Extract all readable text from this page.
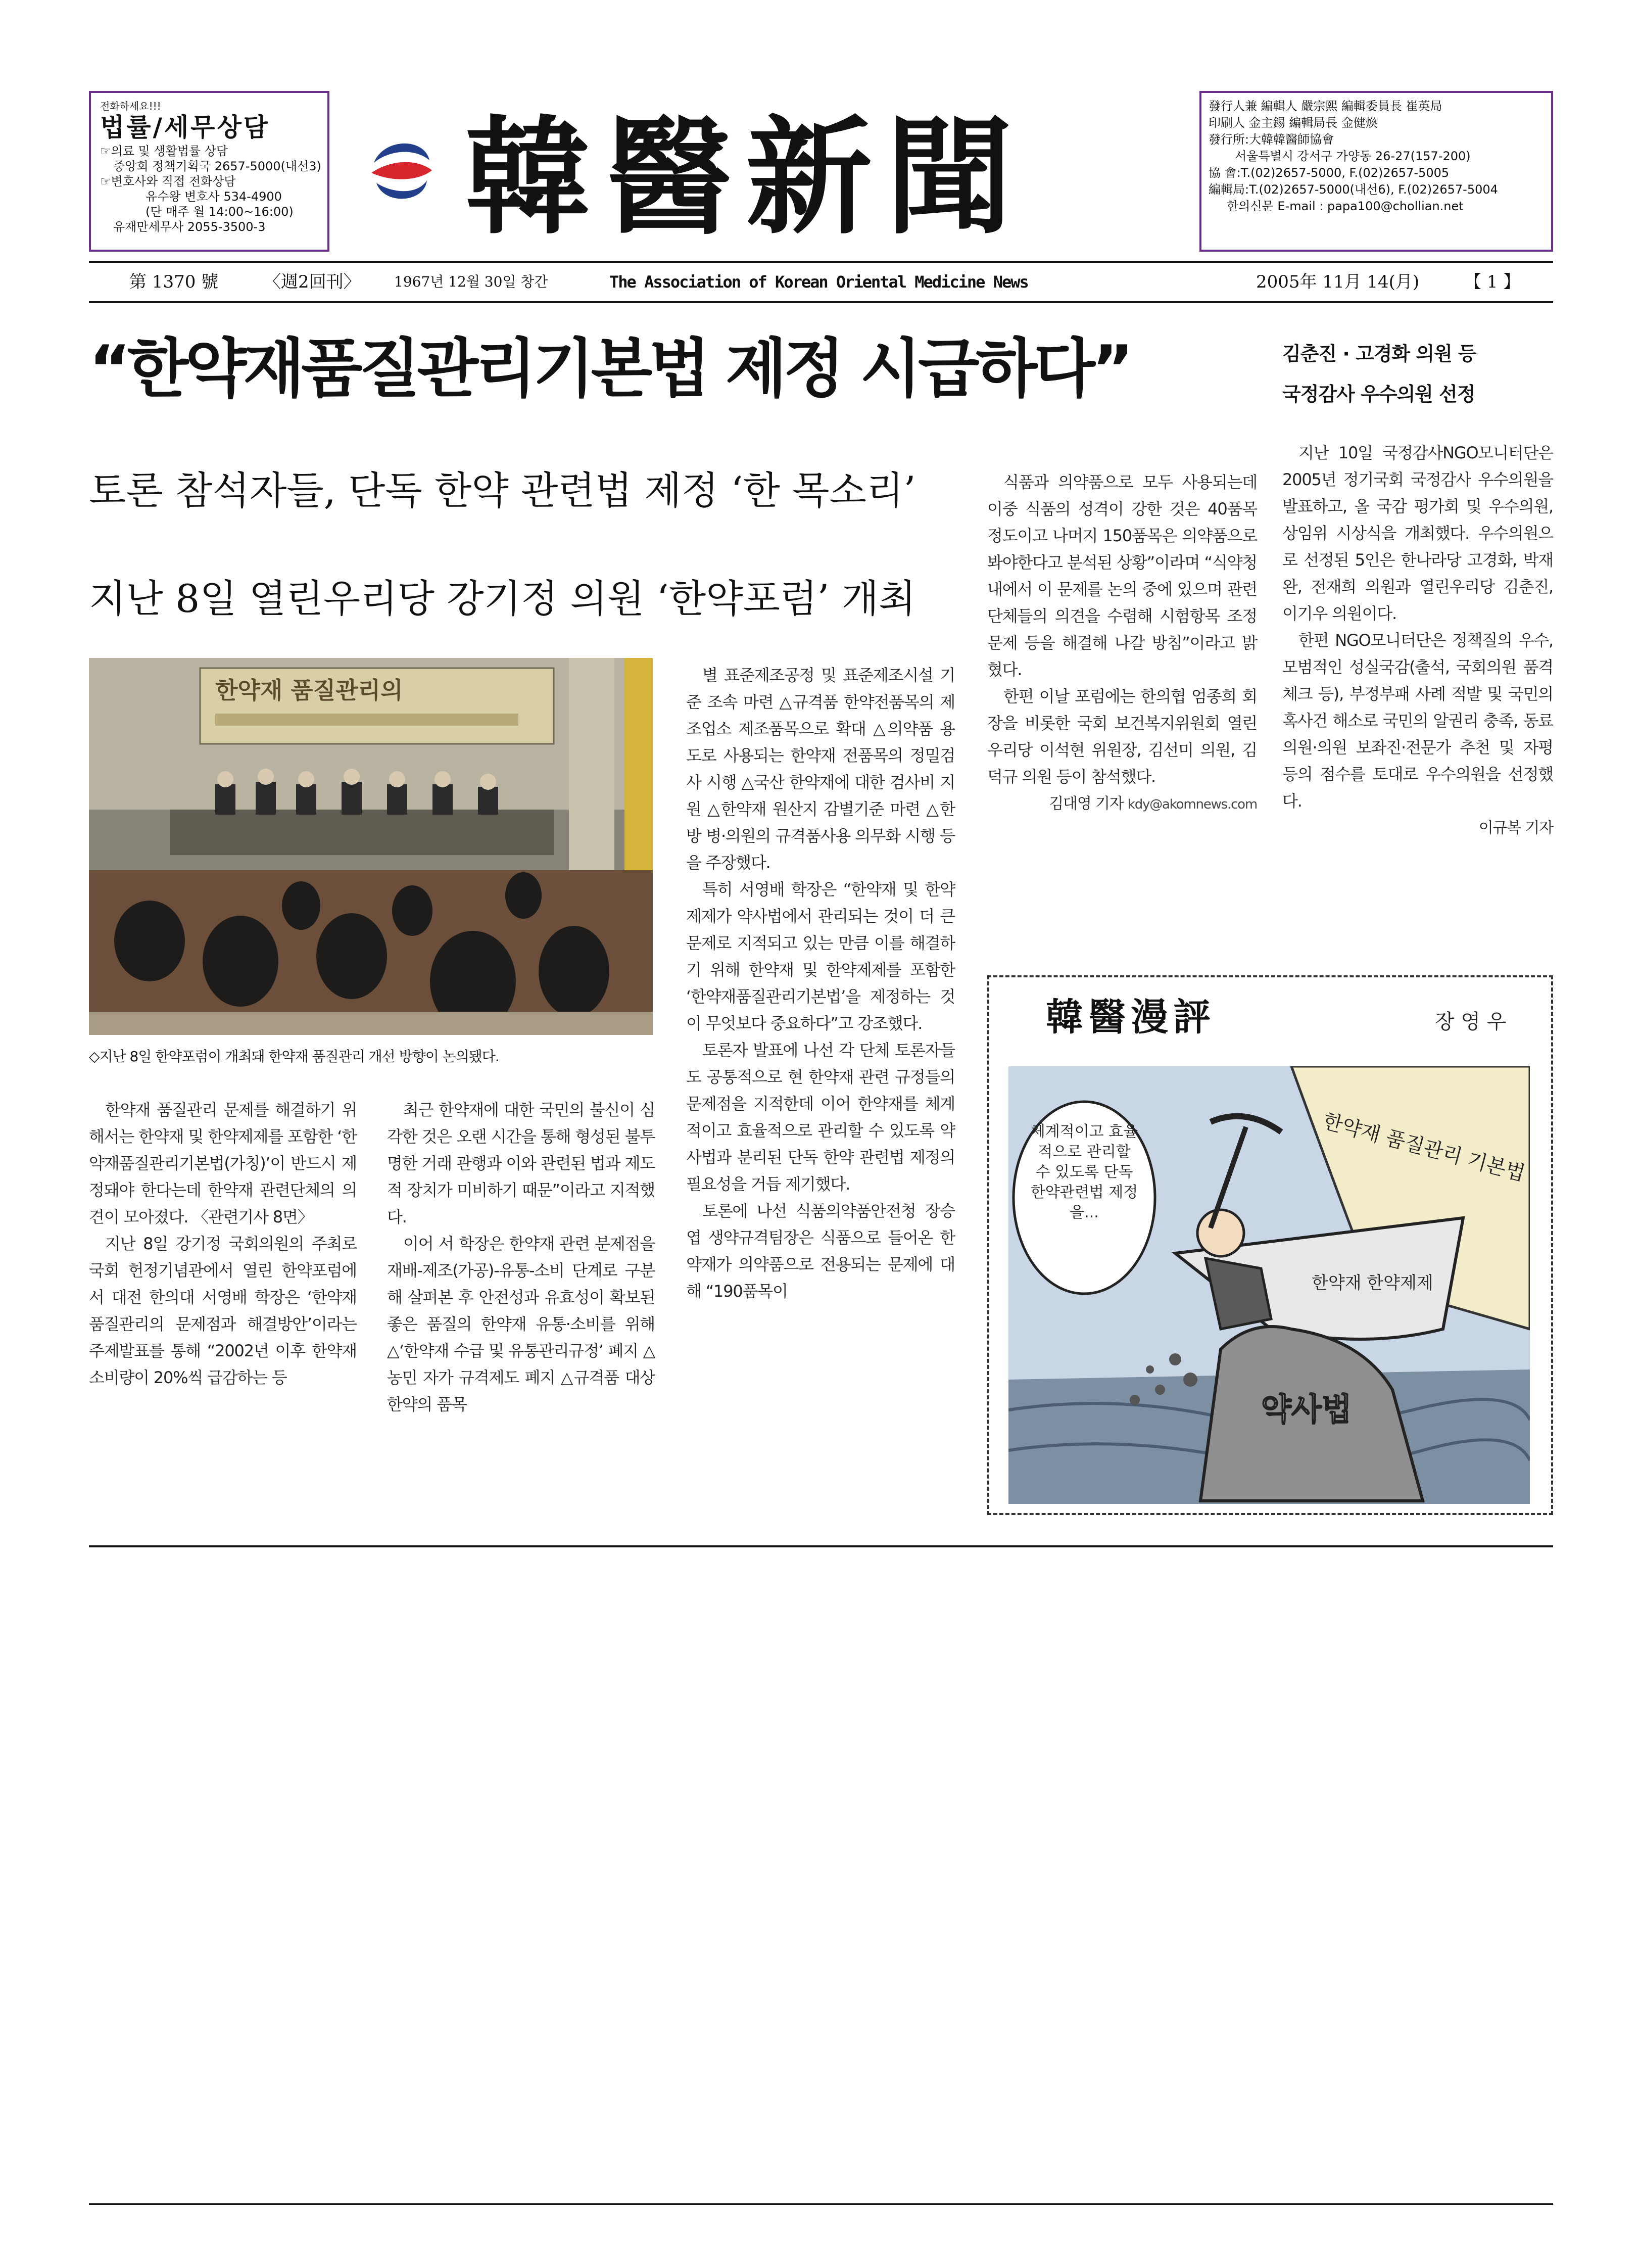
전화하세요!!!
법률/세무상담
☞의료 및 생활법률 상담
중앙회 정책기획국 2657-5000(내선3)
☞변호사와 직접 전화상담
유수왕 변호사 534-4900
(단 매주 월 14:00~16:00)
유재만세무사 2055-3500-3	韓醫新聞	發行人兼 編輯人 嚴宗熙 編輯委員長 崔英局
印刷人 金主錫 編輯局長 金健煥
發行所:大韓韓醫師協會
서울특별시 강서구 가양동 26-27(157-200)
協 會:T.(02)2657-5000, F.(02)2657-5005
編輯局:T.(02)2657-5000(내선6), F.(02)2657-5004
한의신문 E-mail : papa100@chollian.net
第 1370 號	〈週2回刊〉 1967년 12월 30일 창간	The Association of Korean Oriental Medicine News	2005年 11月 14(月)	【 1 】
“한약재품질관리기본법 제정 시급하다”
토론 참석자들, 단독 한약 관련법 제정 ‘한 목소리’
지난 8일 열린우리당 강기정 의원 ‘한약포럼’ 개최
한약재 품질관리의
◇지난 8일 한약포럼이 개최돼 한약재 품질관리 개선 방향이 논의됐다.

한약재 품질관리 문제를 해결하기 위해서는 한약재 및 한약제제를 포함한 ‘한약재품질관리기본법(가칭)’이 반드시 제정돼야 한다는데 한약재 관련단체의 의견이 모아졌다. 〈관련기사 8면〉

지난 8일 강기정 국회의원의 주최로 국회 헌정기념관에서 열린 한약포럼에서 대전 한의대 서영배 학장은 ‘한약재 품질관리의 문제점과 해결방안’이라는 주제발표를 통해 “2002년 이후 한약재 소비량이 20%씩 급감하는 등

최근 한약재에 대한 국민의 불신이 심각한 것은 오랜 시간을 통해 형성된 불투명한 거래 관행과 이와 관련된 법과 제도적 장치가 미비하기 때문”이라고 지적했다.

이어 서 학장은 한약재 관련 분제점을 재배-제조(가공)-유통-소비 단계로 구분해 살펴본 후 안전성과 유효성이 확보된 좋은 품질의 한약재 유통·소비를 위해 △‘한약재 수급 및 유통관리규정’ 폐지 △농민 자가 규격제도 폐지 △규격품 대상 한약의 품목

별 표준제조공정 및 표준제조시설 기준 조속 마련 △규격품 한약전품목의 제조업소 제조품목으로 확대 △의약품 용도로 사용되는 한약재 전품목의 정밀검사 시행 △국산 한약재에 대한 검사비 지원 △한약재 원산지 감별기준 마련 △한방 병·의원의 규격품사용 의무화 시행 등을 주장했다.

특히 서영배 학장은 “한약재 및 한약제제가 약사법에서 관리되는 것이 더 큰 문제로 지적되고 있는 만큼 이를 해결하기 위해 한약재 및 한약제제를 포함한 ‘한약재품질관리기본법’을 제정하는 것이 무엇보다 중요하다”고 강조했다.

토론자 발표에 나선 각 단체 토론자들도 공통적으로 현 한약재 관련 규정들의 문제점을 지적한데 이어 한약재를 체계적이고 효율적으로 관리할 수 있도록 약사법과 분리된 단독 한약 관련법 제정의 필요성을 거듭 제기했다.

토론에 나선 식품의약품안전청 장승엽 생약규격팀장은 식품으로 들어온 한약재가 의약품으로 전용되는 문제에 대해 “190품목이

식품과 의약품으로 모두 사용되는데 이중 식품의 성격이 강한 것은 40품목 정도이고 나머지 150품목은 의약품으로 봐야한다고 분석된 상황”이라며 “식약청 내에서 이 문제를 논의 중에 있으며 관련 단체들의 의견을 수렴해 시험항목 조정 문제 등을 해결해 나갈 방침”이라고 밝혔다.

한편 이날 포럼에는 한의협 엄종희 회장을 비롯한 국회 보건복지위원회 열린우리당 이석현 위원장, 김선미 의원, 김덕규 의원 등이 참석했다.

김대영 기자 kdy@akomnews.com
김춘진 · 고경화 의원 등
국정감사 우수의원 선정

지난 10일 국정감사NGO모니터단은 2005년 정기국회 국정감사 우수의원을 발표하고, 올 국감 평가회 및 우수의원, 상임위 시상식을 개최했다. 우수의원으로 선정된 5인은 한나라당 고경화, 박재완, 전재희 의원과 열린우리당 김춘진, 이기우 의원이다.

한편 NGO모니터단은 정책질의 우수, 모범적인 성실국감(출석, 국회의원 품격 체크 등), 부정부패 사례 적발 및 국민의혹사건 해소로 국민의 알권리 충족, 동료의원·의원 보좌진·전문가 추천 및 자평 등의 점수를 토대로 우수의원을 선정했다.

이규복 기자
韓醫漫評	장 영 우
한약재 품질관리 기본법
한약재 한약제제
약사법
체계적이고 효율적으로 관리할 수 있도록 단독 한약관련법 제정을...
